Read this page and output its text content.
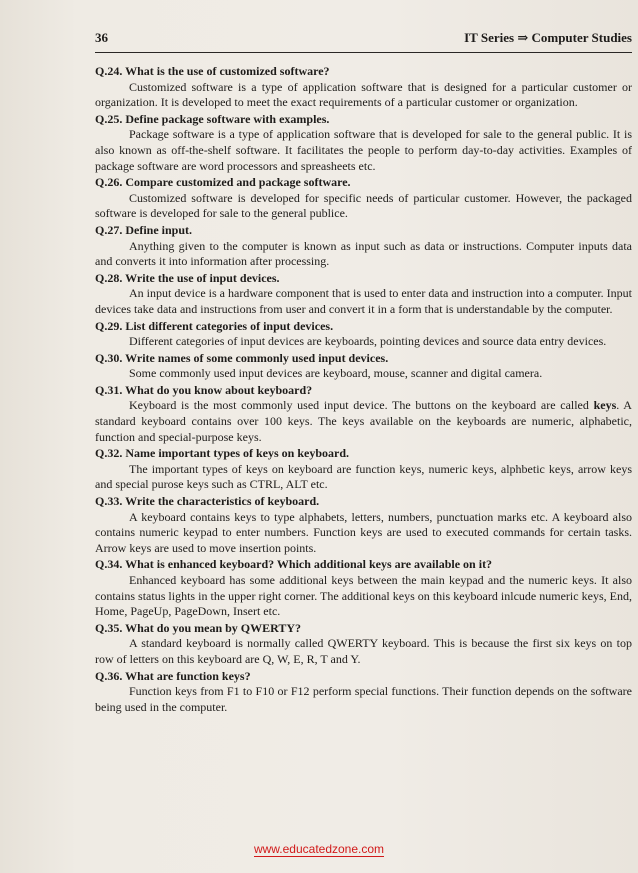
36	IT Series ⇒ Computer Studies

Q.24. What is the use of customized software?

Customized software is a type of application software that is designed for a particular customer or organization. It is developed to meet the exact requirements of a particular customer or organization.

Q.25. Define package software with examples.

Package software is a type of application software that is developed for sale to the general public. It is also known as off-the-shelf software. It facilitates the people to perform day-to-day activities. Examples of package software are word processors and spreasheets etc.

Q.26. Compare customized and package software.

Customized software is developed for specific needs of particular customer. However, the packaged software is developed for sale to the general publice.

Q.27. Define input.

Anything given to the computer is known as input such as data or instructions. Computer inputs data and converts it into information after processing.

Q.28. Write the use of input devices.

An input device is a hardware component that is used to enter data and instruction into a computer. Input devices take data and instructions from user and convert it in a form that is understandable by the computer.

Q.29. List different categories of input devices.

Different categories of input devices are keyboards, pointing devices and source data entry devices.

Q.30. Write names of some commonly used input devices.

Some commonly used input devices are keyboard, mouse, scanner and digital camera.

Q.31. What do you know about keyboard?

Keyboard is the most commonly used input device. The buttons on the keyboard are called keys. A standard keyboard contains over 100 keys. The keys available on the keyboards are numeric, alphabetic, function and special-purpose keys.

Q.32. Name important types of keys on keyboard.

The important types of keys on keyboard are function keys, numeric keys, alphbetic keys, arrow keys and special purose keys such as CTRL, ALT etc.

Q.33. Write the characteristics of keyboard.

A keyboard contains keys to type alphabets, letters, numbers, punctuation marks etc. A keyboard also contains numeric keypad to enter numbers. Function keys are used to executed commands for certain tasks. Arrow keys are used to move insertion points.

Q.34. What is enhanced keyboard? Which additional keys are available on it?

Enhanced keyboard has some additional keys between the main keypad and the numeric keys. It also contains status lights in the upper right corner. The additional keys on this keyboard inlcude numeric keys, End, Home, PageUp, PageDown, Insert etc.

Q.35. What do you mean by QWERTY?

A standard keyboard is normally called QWERTY keyboard. This is because the first six keys on top row of letters on this keyboard are Q, W, E, R, T and Y.

Q.36. What are function keys?

Function keys from F1 to F10 or F12 perform special functions. Their function depends on the software being used in the computer.

www.educatedzone.com
